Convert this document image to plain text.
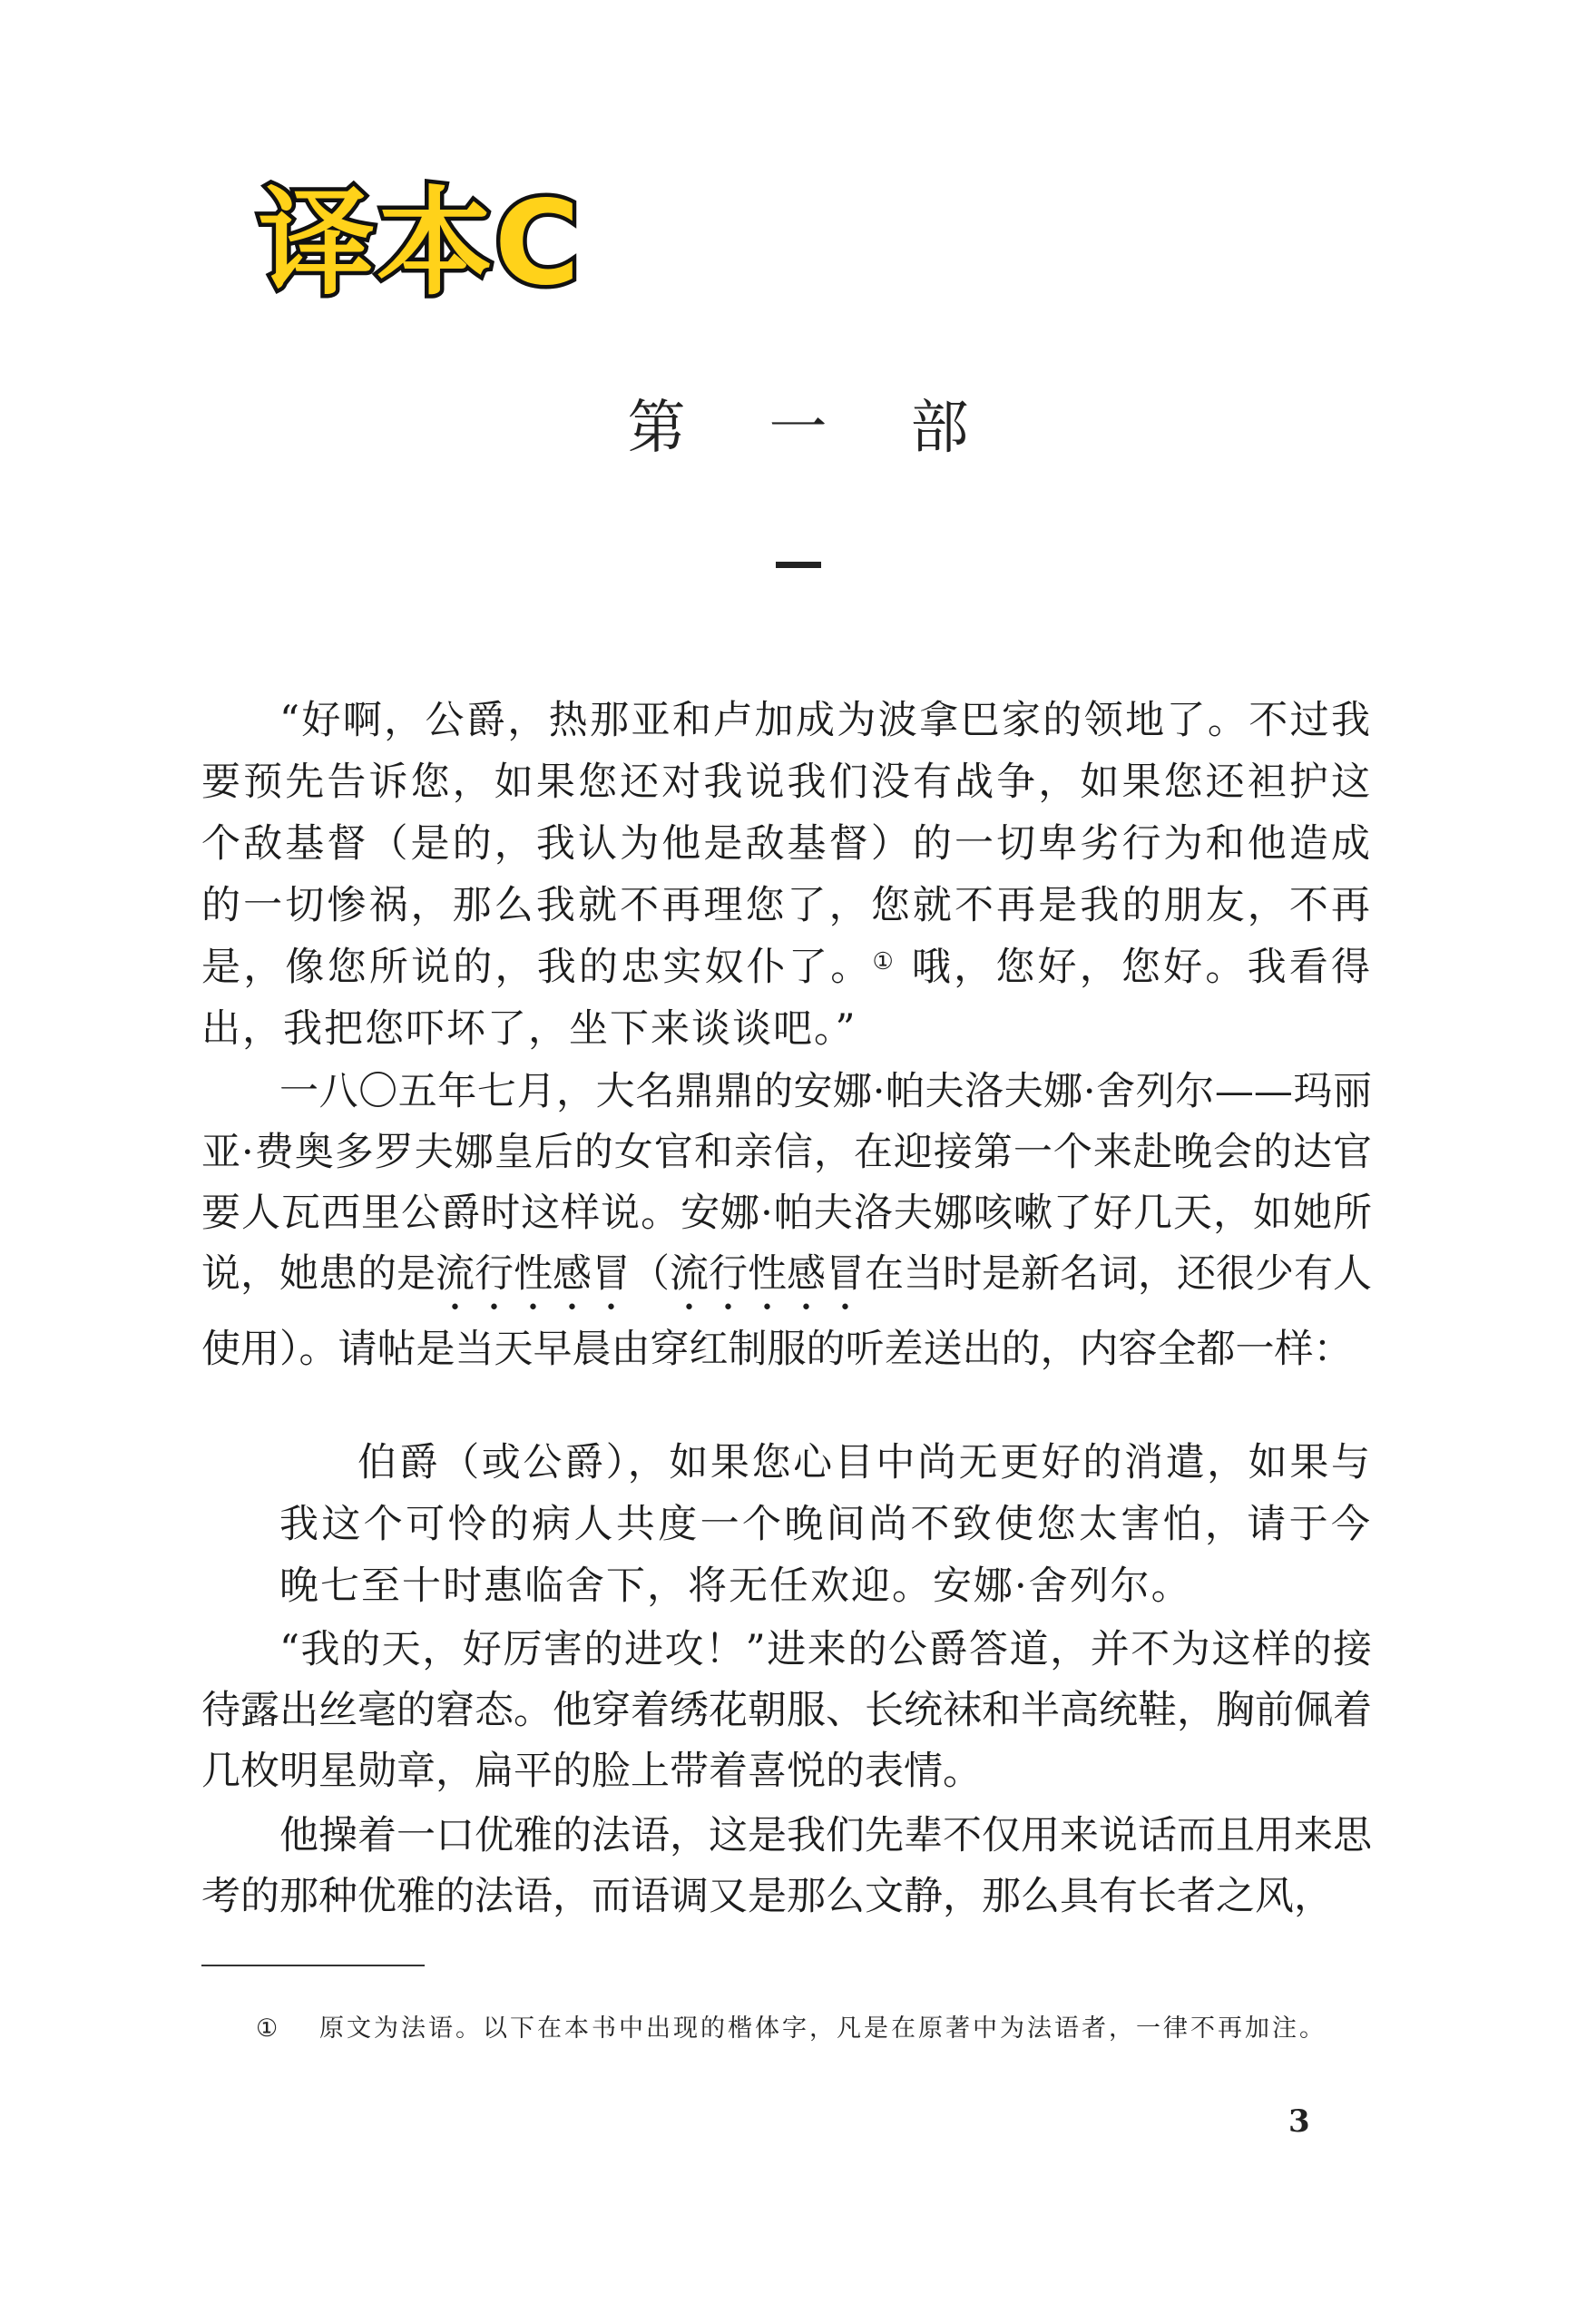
译本C
第 一 部

“好啊，公爵，热那亚和卢加成为波拿巴家的领地了。不过我要预先告诉您，如果您还对我说我们没有战争，如果您还袒护这个敌基督（是的，我认为他是敌基督）的一切卑劣行为和他造成的一切惨祸，那么我就不再理您了，您就不再是我的朋友，不再是，像您所说的，我的忠实奴仆了。① 哦，您好，您好。我看得出，我把您吓坏了，坐下来谈谈吧。”

一八〇五年七月，大名鼎鼎的安娜·帕夫洛夫娜·舍列尔——玛丽亚·费奥多罗夫娜皇后的女官和亲信，在迎接第一个来赴晚会的达官要人瓦西里公爵时这样说。安娜·帕夫洛夫娜咳嗽了好几天，如她所说，她患的是流行性感冒（流行性感冒在当时是新名词，还很少有人使用）。请帖是当天早晨由穿红制服的听差送出的，内容全都一样：

伯爵（或公爵），如果您心目中尚无更好的消遣，如果与我这个可怜的病人共度一个晚间尚不致使您太害怕，请于今晚七至十时惠临舍下，将无任欢迎。安娜·舍列尔。

“我的天，好厉害的进攻！”进来的公爵答道，并不为这样的接待露出丝毫的窘态。他穿着绣花朝服、长统袜和半高统鞋，胸前佩着几枚明星勋章，扁平的脸上带着喜悦的表情。

他操着一口优雅的法语，这是我们先辈不仅用来说话而且用来思考的那种优雅的法语，而语调又是那么文静，那么具有长者之风，

① 原文为法语。以下在本书中出现的楷体字，凡是在原著中为法语者，一律不再加注。
3
